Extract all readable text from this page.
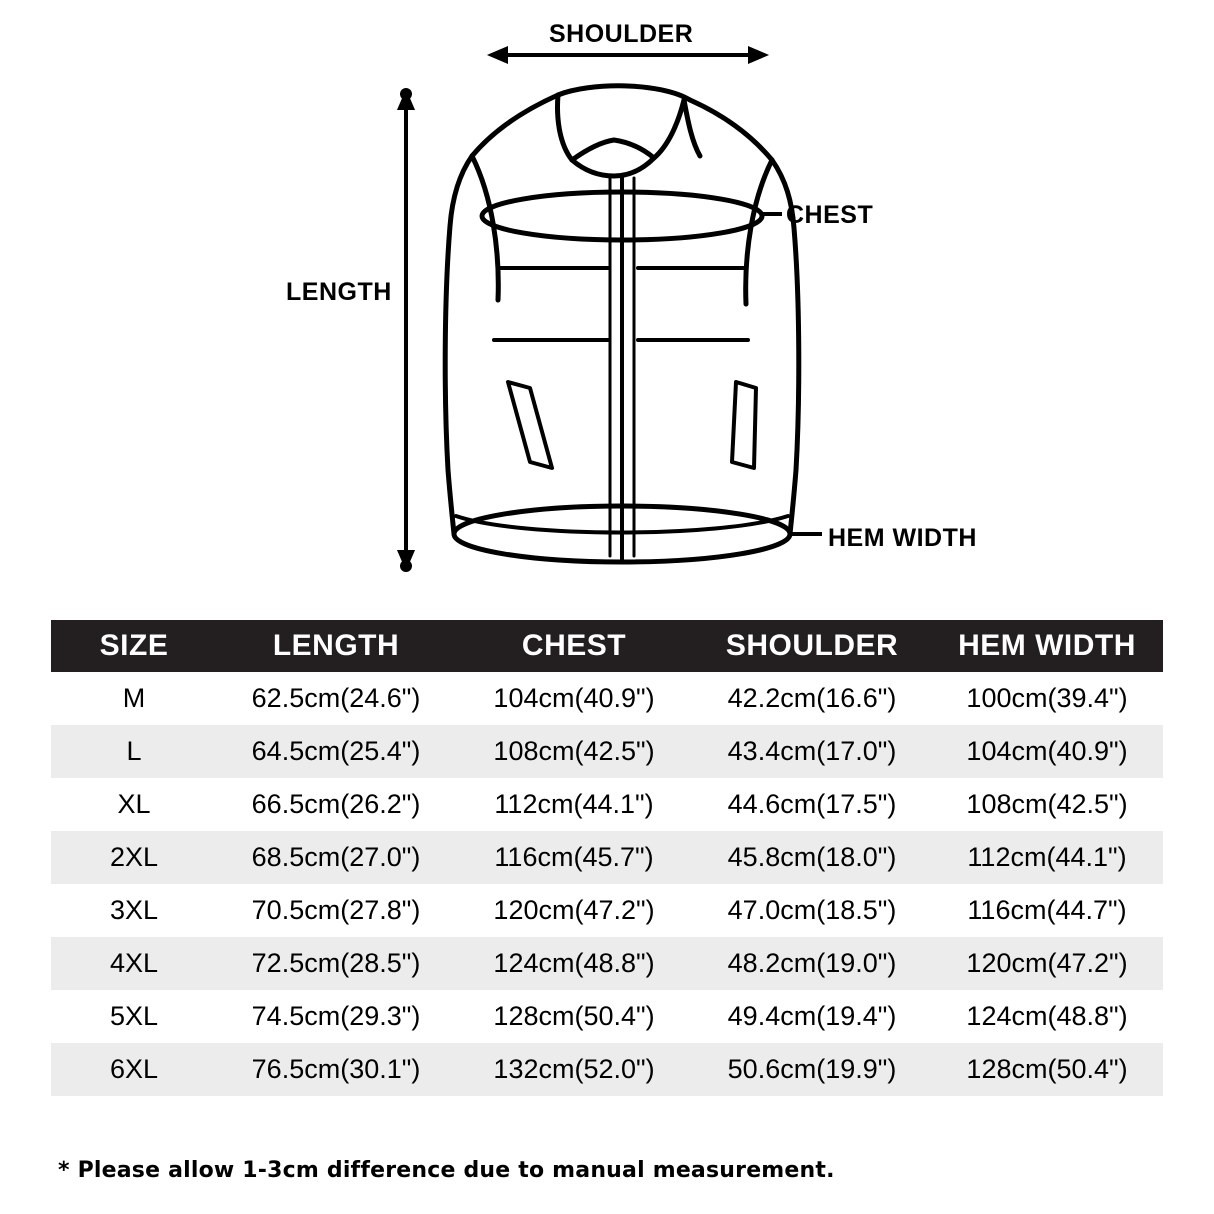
SHOULDER
CHEST
LENGTH
HEM WIDTH
SIZE	LENGTH	CHEST	SHOULDER	HEM WIDTH
M	62.5cm(24.6")	104cm(40.9")	42.2cm(16.6")	100cm(39.4")
L	64.5cm(25.4")	108cm(42.5")	43.4cm(17.0")	104cm(40.9")
XL	66.5cm(26.2")	112cm(44.1")	44.6cm(17.5")	108cm(42.5")
2XL	68.5cm(27.0")	116cm(45.7")	45.8cm(18.0")	112cm(44.1")
3XL	70.5cm(27.8")	120cm(47.2")	47.0cm(18.5")	116cm(44.7")
4XL	72.5cm(28.5")	124cm(48.8")	48.2cm(19.0")	120cm(47.2")
5XL	74.5cm(29.3")	128cm(50.4")	49.4cm(19.4")	124cm(48.8")
6XL	76.5cm(30.1")	132cm(52.0")	50.6cm(19.9")	128cm(50.4")
* Please allow 1-3cm difference due to manual measurement.
